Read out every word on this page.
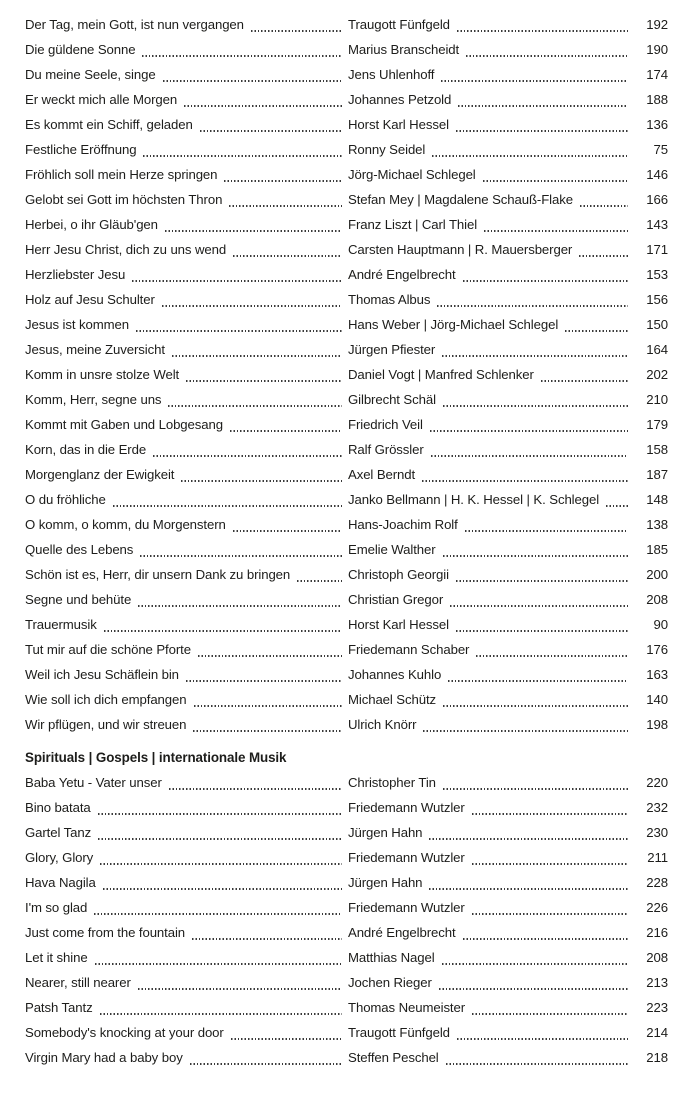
Der Tag, mein Gott, ist nun vergangen	Traugott Fünfgeld	192
Die güldene Sonne	Marius Branscheidt	190
Du meine Seele, singe	Jens Uhlenhoff	174
Er weckt mich alle Morgen	Johannes Petzold	188
Es kommt ein Schiff, geladen	Horst Karl Hessel	136
Festliche Eröffnung	Ronny Seidel	75
Fröhlich soll mein Herze springen	Jörg-Michael Schlegel	146
Gelobt sei Gott im höchsten Thron	Stefan Mey | Magdalene Schauß-Flake	166
Herbei, o ihr Gläub'gen	Franz Liszt | Carl Thiel	143
Herr Jesu Christ, dich zu uns wend	Carsten Hauptmann | R. Mauersberger	171
Herzliebster Jesu	André Engelbrecht	153
Holz auf Jesu Schulter	Thomas Albus	156
Jesus ist kommen	Hans Weber | Jörg-Michael Schlegel	150
Jesus, meine Zuversicht	Jürgen Pfiester	164
Komm in unsre stolze Welt	Daniel Vogt | Manfred Schlenker	202
Komm, Herr, segne uns	Gilbrecht Schäl	210
Kommt mit Gaben und Lobgesang	Friedrich Veil	179
Korn, das in die Erde	Ralf Grössler	158
Morgenglanz der Ewigkeit	Axel Berndt	187
O du fröhliche	Janko Bellmann | H. K. Hessel | K. Schlegel	148
O komm, o komm, du Morgenstern	Hans-Joachim Rolf	138
Quelle des Lebens	Emelie Walther	185
Schön ist es, Herr, dir unsern Dank zu bringen	Christoph Georgii	200
Segne und behüte	Christian Gregor	208
Trauermusik	Horst Karl Hessel	90
Tut mir auf die schöne Pforte	Friedemann Schaber	176
Weil ich Jesu Schäflein bin	Johannes Kuhlo	163
Wie soll ich dich empfangen	Michael Schütz	140
Wir pflügen, und wir streuen	Ulrich Knörr	198
Spirituals | Gospels | internationale Musik
Baba Yetu - Vater unser	Christopher Tin	220
Bino batata	Friedemann Wutzler	232
Gartel Tanz	Jürgen Hahn	230
Glory, Glory	Friedemann Wutzler	211
Hava Nagila	Jürgen Hahn	228
I'm so glad	Friedemann Wutzler	226
Just come from the fountain	André Engelbrecht	216
Let it shine	Matthias Nagel	208
Nearer, still nearer	Jochen Rieger	213
Patsh Tantz	Thomas Neumeister	223
Somebody's knocking at your door	Traugott Fünfgeld	214
Virgin Mary had a baby boy	Steffen Peschel	218
